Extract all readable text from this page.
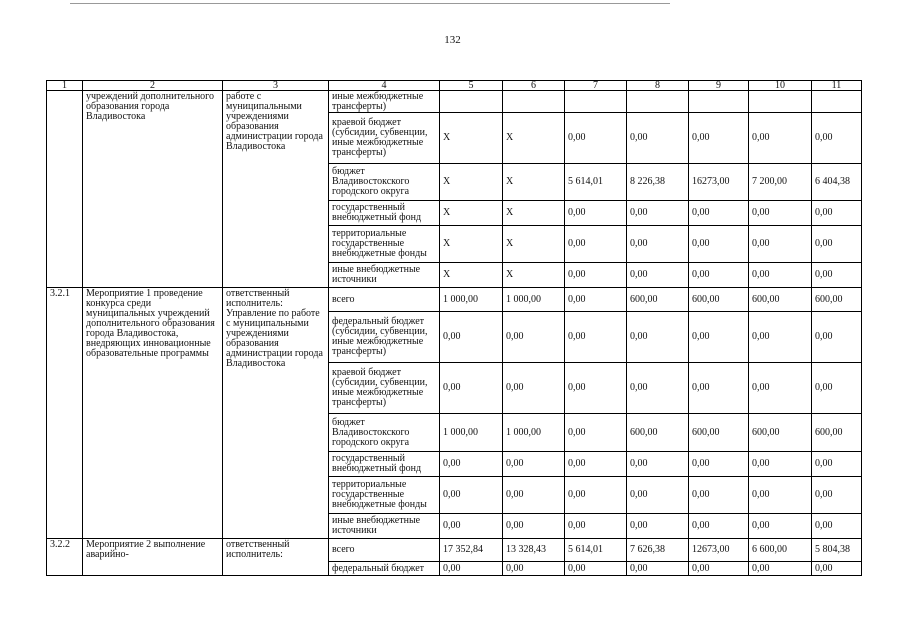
132
1	2	3	4	5	6	7	8	9	10	11
	учреждений дополнительного образования города Владивостока	работе с муниципальными учреждениями образования администрации города Владивостока	иные межбюджетные трансферты)							
			краевой бюджет (субсидии, субвенции, иные межбюджетные трансферты)	X	X	0,00	0,00	0,00	0,00	0,00
			бюджет Владивостокского городского округа	X	X	5 614,01	8 226,38	16273,00	7 200,00	6 404,38
			государственный внебюджетный фонд	X	X	0,00	0,00	0,00	0,00	0,00
			территориальные государственные внебюджетные фонды	X	X	0,00	0,00	0,00	0,00	0,00
			иные внебюджетные источники	X	X	0,00	0,00	0,00	0,00	0,00
3.2.1	Мероприятие 1 проведение конкурса среди муниципальных учреждений дополнительного образования города Владивостока, внедряющих инновационные образовательные программы	ответственный исполнитель: Управление по работе с муниципальными учреждениями образования администрации города Владивостока	всего	1 000,00	1 000,00	0,00	600,00	600,00	600,00	600,00
			федеральный бюджет (субсидии, субвенции, иные межбюджетные трансферты)	0,00	0,00	0,00	0,00	0,00	0,00	0,00
			краевой бюджет (субсидии, субвенции, иные межбюджетные трансферты)	0,00	0,00	0,00	0,00	0,00	0,00	0,00
			бюджет Владивостокского городского округа	1 000,00	1 000,00	0,00	600,00	600,00	600,00	600,00
			государственный внебюджетный фонд	0,00	0,00	0,00	0,00	0,00	0,00	0,00
			территориальные государственные внебюджетные фонды	0,00	0,00	0,00	0,00	0,00	0,00	0,00
			иные внебюджетные источники	0,00	0,00	0,00	0,00	0,00	0,00	0,00
3.2.2	Мероприятие 2 выполнение аварийно-	ответственный исполнитель:	всего	17 352,84	13 328,43	5 614,01	7 626,38	12673,00	6 600,00	5 804,38
			федеральный бюджет	0,00	0,00	0,00	0,00	0,00	0,00	0,00
